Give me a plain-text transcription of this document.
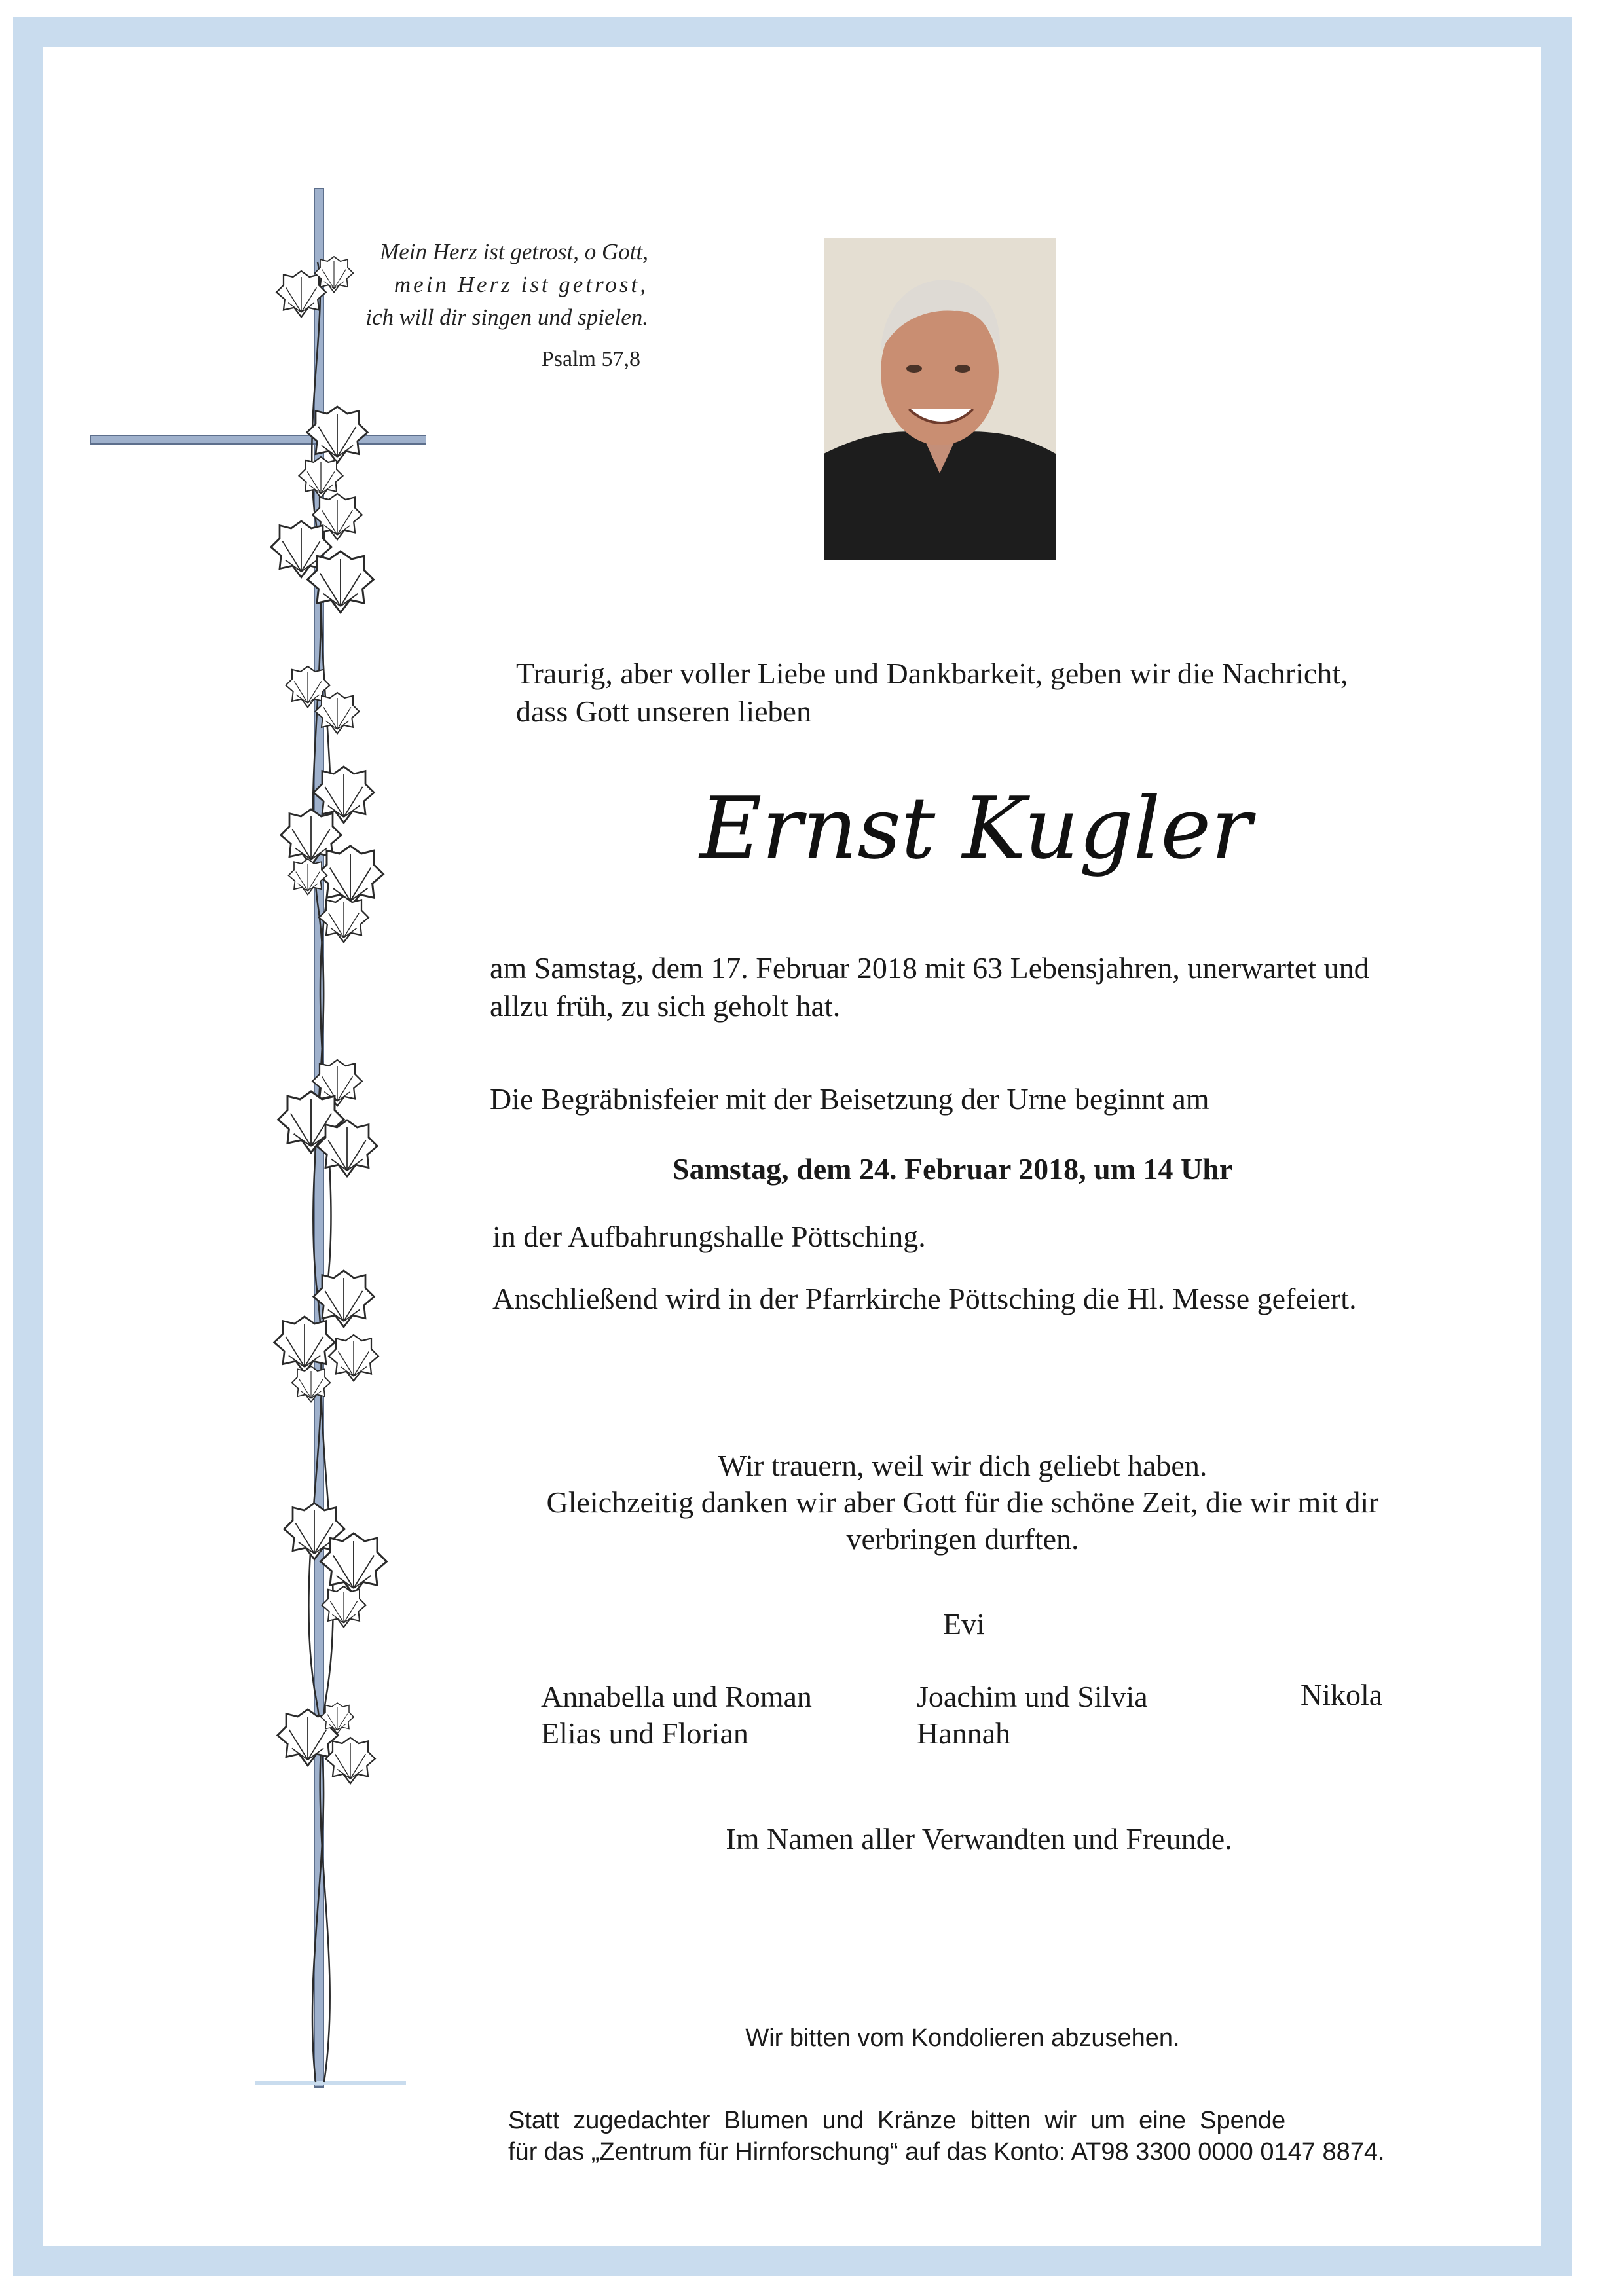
Mein Herz ist getrost, o Gott,
mein Herz ist getrost,
ich will dir singen und spielen.
Psalm 57,8
Traurig, aber voller Liebe und Dankbarkeit, geben wir die Nachricht,
dass Gott unseren lieben
Ernst Kugler
am Samstag, dem 17. Februar 2018 mit 63 Lebensjahren, unerwartet und
allzu früh, zu sich geholt hat.
Die Begräbnisfeier mit der Beisetzung der Urne beginnt am
Samstag, dem 24. Februar 2018, um 14 Uhr
in der Aufbahrungshalle Pöttsching.
Anschließend wird in der Pfarrkirche Pöttsching die Hl. Messe gefeiert.
Wir trauern, weil wir dich geliebt haben.
Gleichzeitig danken wir aber Gott für die schöne Zeit, die wir mit dir
verbringen durften.
Evi
Annabella und Roman
Elias und Florian
Joachim und Silvia
Hannah
Nikola
Im Namen aller Verwandten und Freunde.
Wir bitten vom Kondolieren abzusehen.
Statt  zugedachter  Blumen  und  Kränze  bitten  wir  um  eine  Spende
für das „Zentrum für Hirnforschung“ auf das Konto: AT98 3300 0000 0147 8874.
